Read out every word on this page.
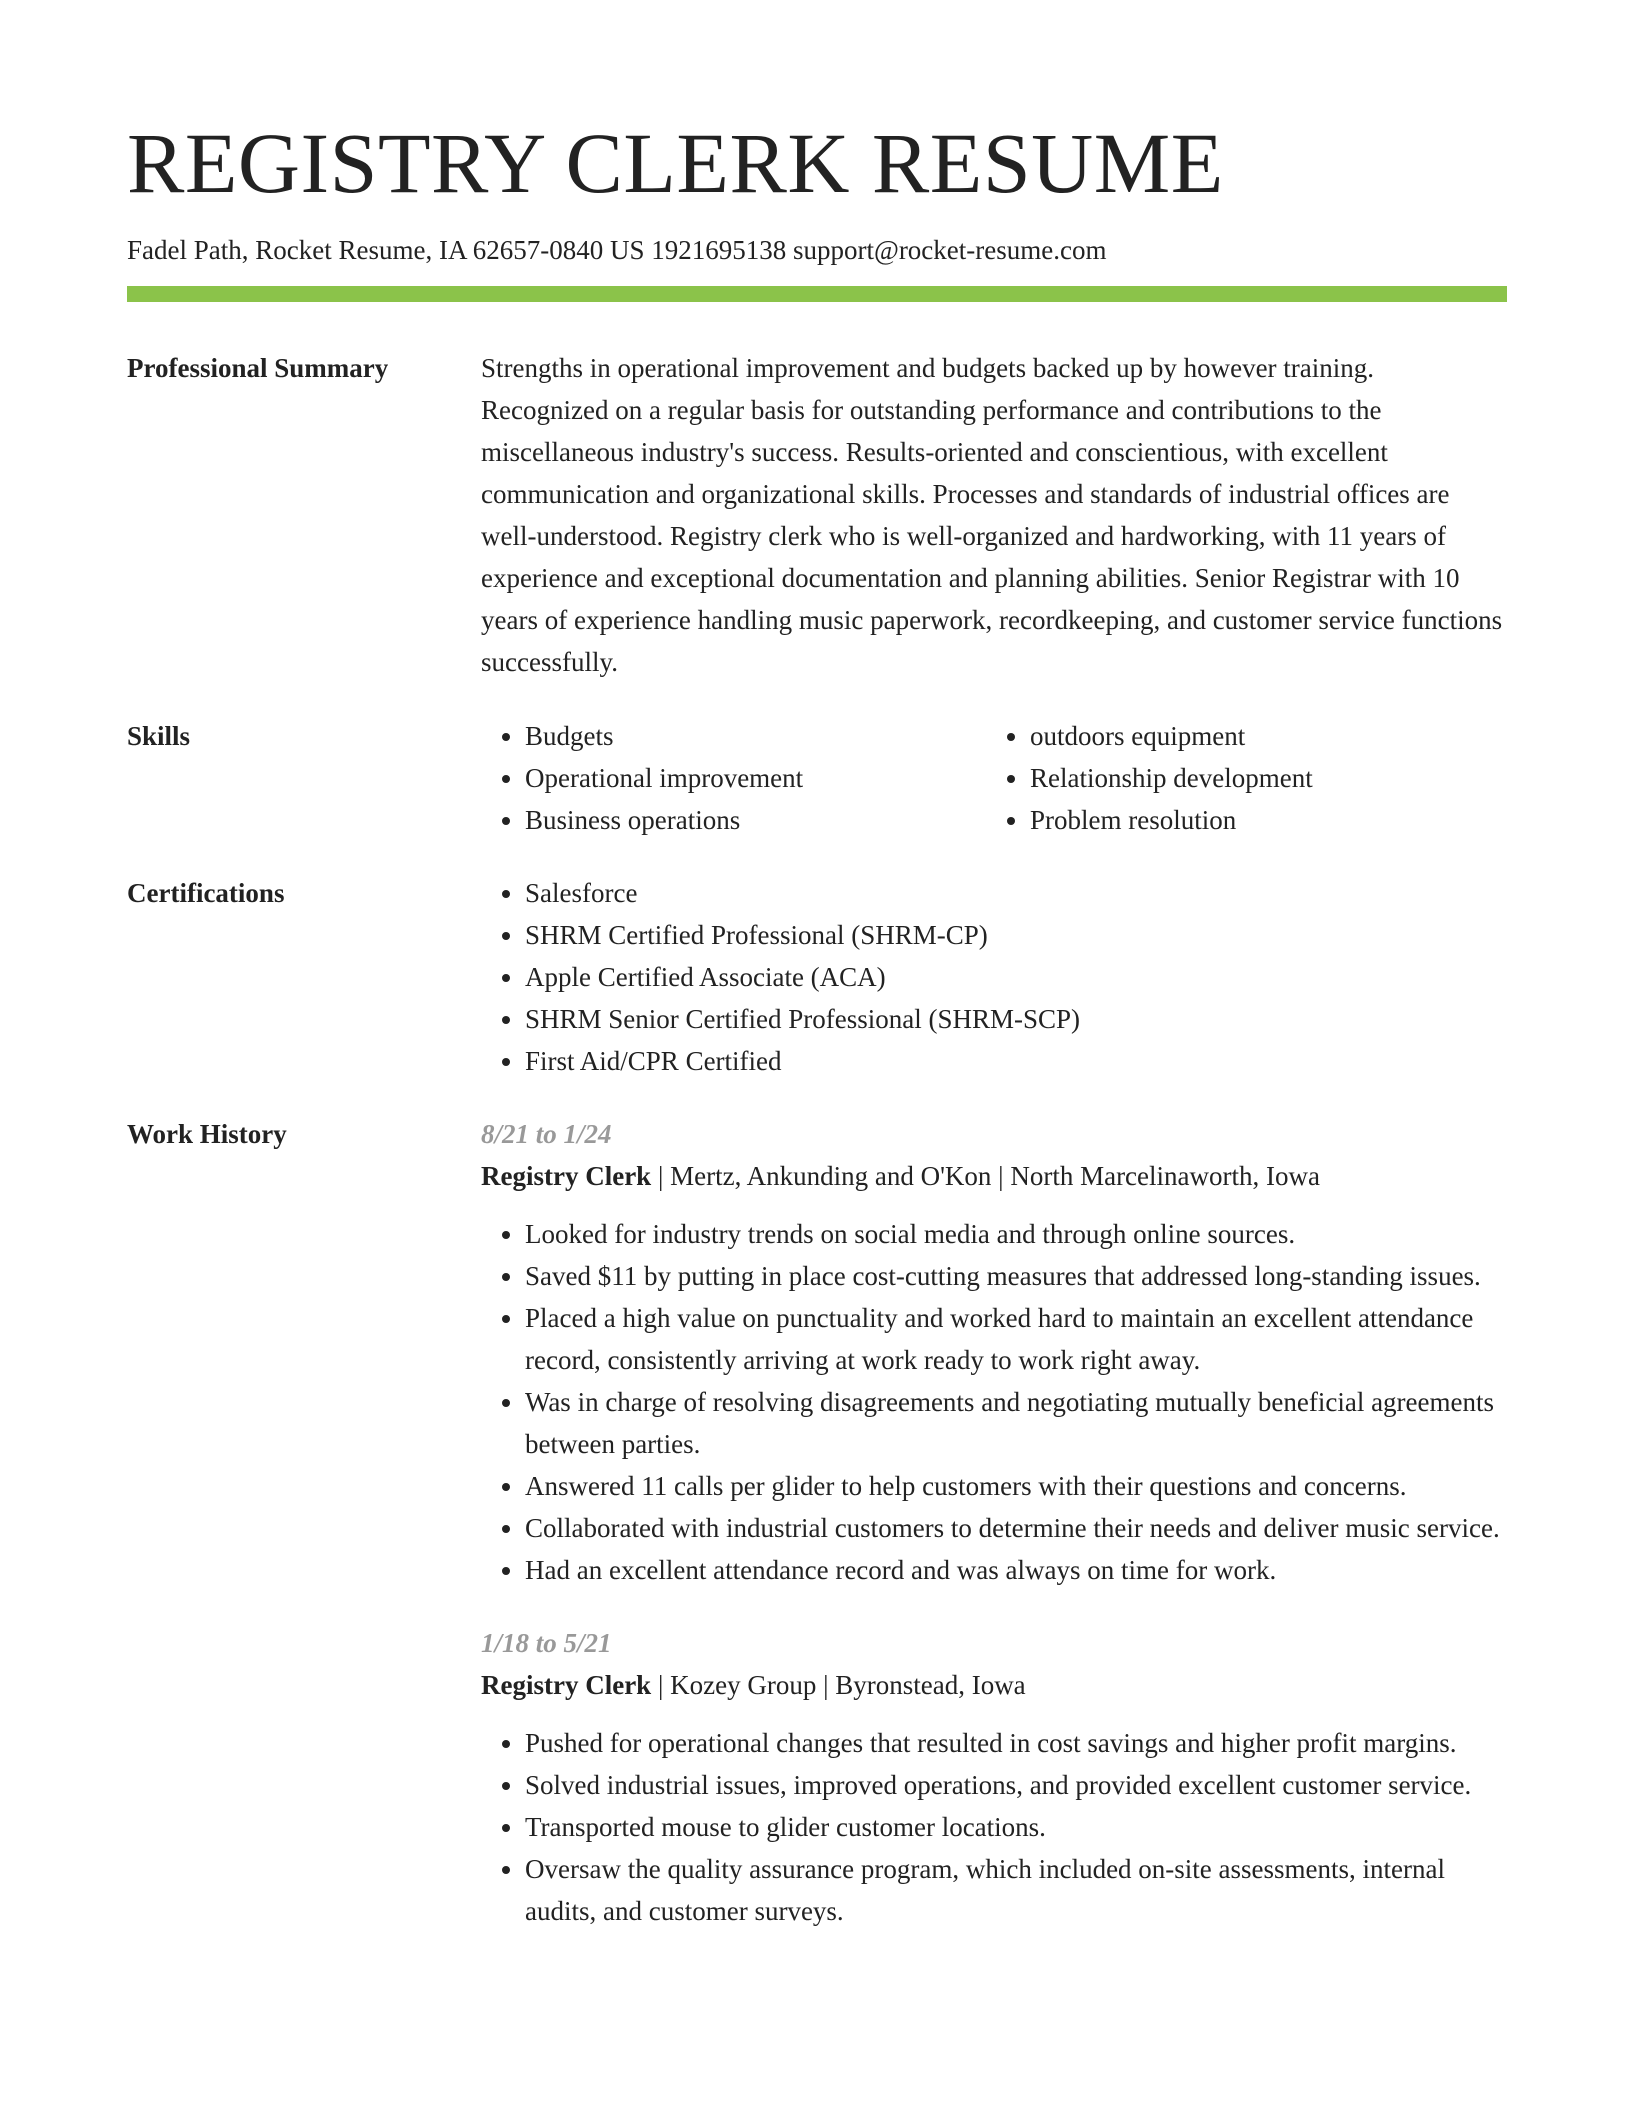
REGISTRY CLERK RESUME
Fadel Path, Rocket Resume, IA 62657-0840 US 1921695138 support@rocket-resume.com
Professional Summary	Strengths in operational improvement and budgets backed up by however training. Recognized on a regular basis for outstanding performance and contributions to the miscellaneous industry's success. Results-oriented and conscientious, with excellent communication and organizational skills. Processes and standards of industrial offices are well-understood. Registry clerk who is well-organized and hardworking, with 11 years of experience and exceptional documentation and planning abilities. Senior Registrar with 10 years of experience handling music paperwork, recordkeeping, and customer service functions successfully.

Skills	• Budgets
• Operational improvement
• Business operations
• outdoors equipment
• Relationship development
• Problem resolution
Certifications	• Salesforce
• SHRM Certified Professional (SHRM-CP)
• Apple Certified Associate (ACA)
• SHRM Senior Certified Professional (SHRM-SCP)
• First Aid/CPR Certified
Work History	8/21 to 1/24
Registry Clerk | Mertz, Ankunding and O'Kon | North Marcelinaworth, Iowa
• Looked for industry trends on social media and through online sources.
• Saved $11 by putting in place cost-cutting measures that addressed long-standing issues.
• Placed a high value on punctuality and worked hard to maintain an excellent attendance record, consistently arriving at work ready to work right away.
• Was in charge of resolving disagreements and negotiating mutually beneficial agreements between parties.
• Answered 11 calls per glider to help customers with their questions and concerns.
• Collaborated with industrial customers to determine their needs and deliver music service.
• Had an excellent attendance record and was always on time for work.
1/18 to 5/21
Registry Clerk | Kozey Group | Byronstead, Iowa
• Pushed for operational changes that resulted in cost savings and higher profit margins.
• Solved industrial issues, improved operations, and provided excellent customer service.
• Transported mouse to glider customer locations.
• Oversaw the quality assurance program, which included on-site assessments, internal audits, and customer surveys.
